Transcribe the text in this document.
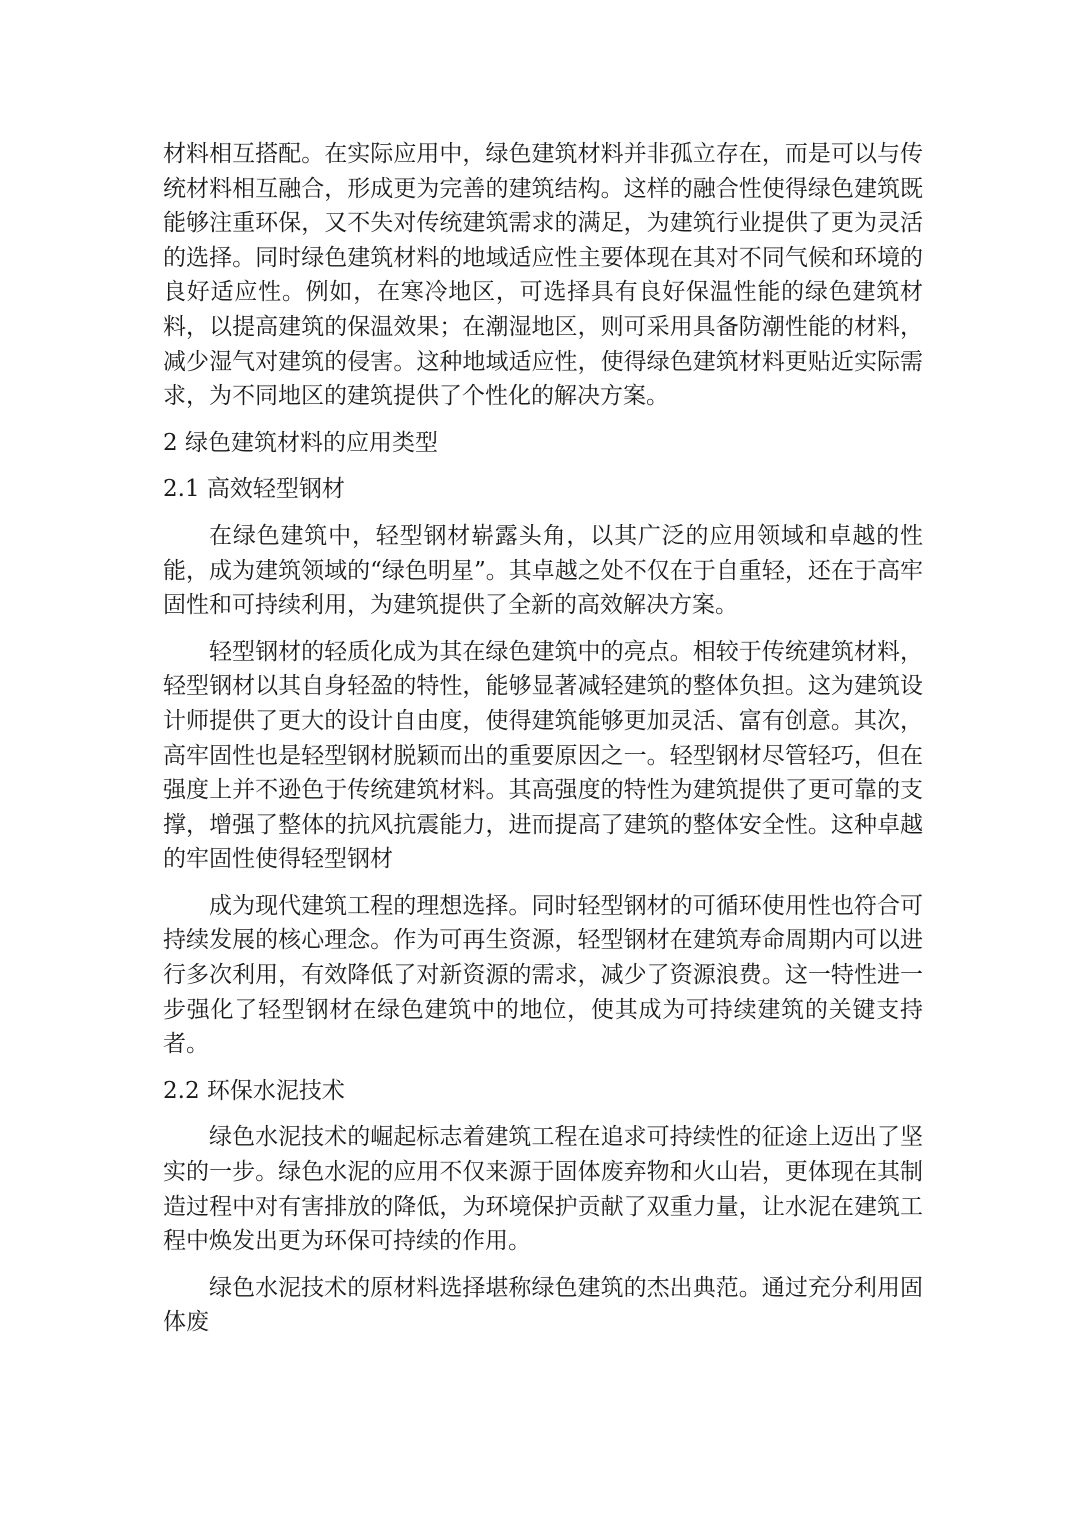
材料相互搭配。在实际应用中，绿色建筑材料并非孤立存在，而是可以与传统材料相互融合，形成更为完善的建筑结构。这样的融合性使得绿色建筑既能够注重环保，又不失对传统建筑需求的满足，为建筑行业提供了更为灵活的选择。同时绿色建筑材料的地域适应性主要体现在其对不同气候和环境的良好适应性。例如，在寒冷地区，可选择具有良好保温性能的绿色建筑材料，以提高建筑的保温效果；在潮湿地区，则可采用具备防潮性能的材料，减少湿气对建筑的侵害。这种地域适应性，使得绿色建筑材料更贴近实际需求，为不同地区的建筑提供了个性化的解决方案。

2 绿色建筑材料的应用类型

2.1 高效轻型钢材

在绿色建筑中，轻型钢材崭露头角，以其广泛的应用领域和卓越的性能，成为建筑领域的“绿色明星”。其卓越之处不仅在于自重轻，还在于高牢固性和可持续利用，为建筑提供了全新的高效解决方案。

轻型钢材的轻质化成为其在绿色建筑中的亮点。相较于传统建筑材料，轻型钢材以其自身轻盈的特性，能够显著减轻建筑的整体负担。这为建筑设计师提供了更大的设计自由度，使得建筑能够更加灵活、富有创意。其次，高牢固性也是轻型钢材脱颖而出的重要原因之一。轻型钢材尽管轻巧，但在强度上并不逊色于传统建筑材料。其高强度的特性为建筑提供了更可靠的支撑，增强了整体的抗风抗震能力，进而提高了建筑的整体安全性。这种卓越的牢固性使得轻型钢材

成为现代建筑工程的理想选择。同时轻型钢材的可循环使用性也符合可持续发展的核心理念。作为可再生资源，轻型钢材在建筑寿命周期内可以进行多次利用，有效降低了对新资源的需求，减少了资源浪费。这一特性进一步强化了轻型钢材在绿色建筑中的地位，使其成为可持续建筑的关键支持者。

2.2 环保水泥技术

绿色水泥技术的崛起标志着建筑工程在追求可持续性的征途上迈出了坚实的一步。绿色水泥的应用不仅来源于固体废弃物和火山岩，更体现在其制造过程中对有害排放的降低，为环境保护贡献了双重力量，让水泥在建筑工程中焕发出更为环保可持续的作用。

绿色水泥技术的原材料选择堪称绿色建筑的杰出典范。通过充分利用固体废
